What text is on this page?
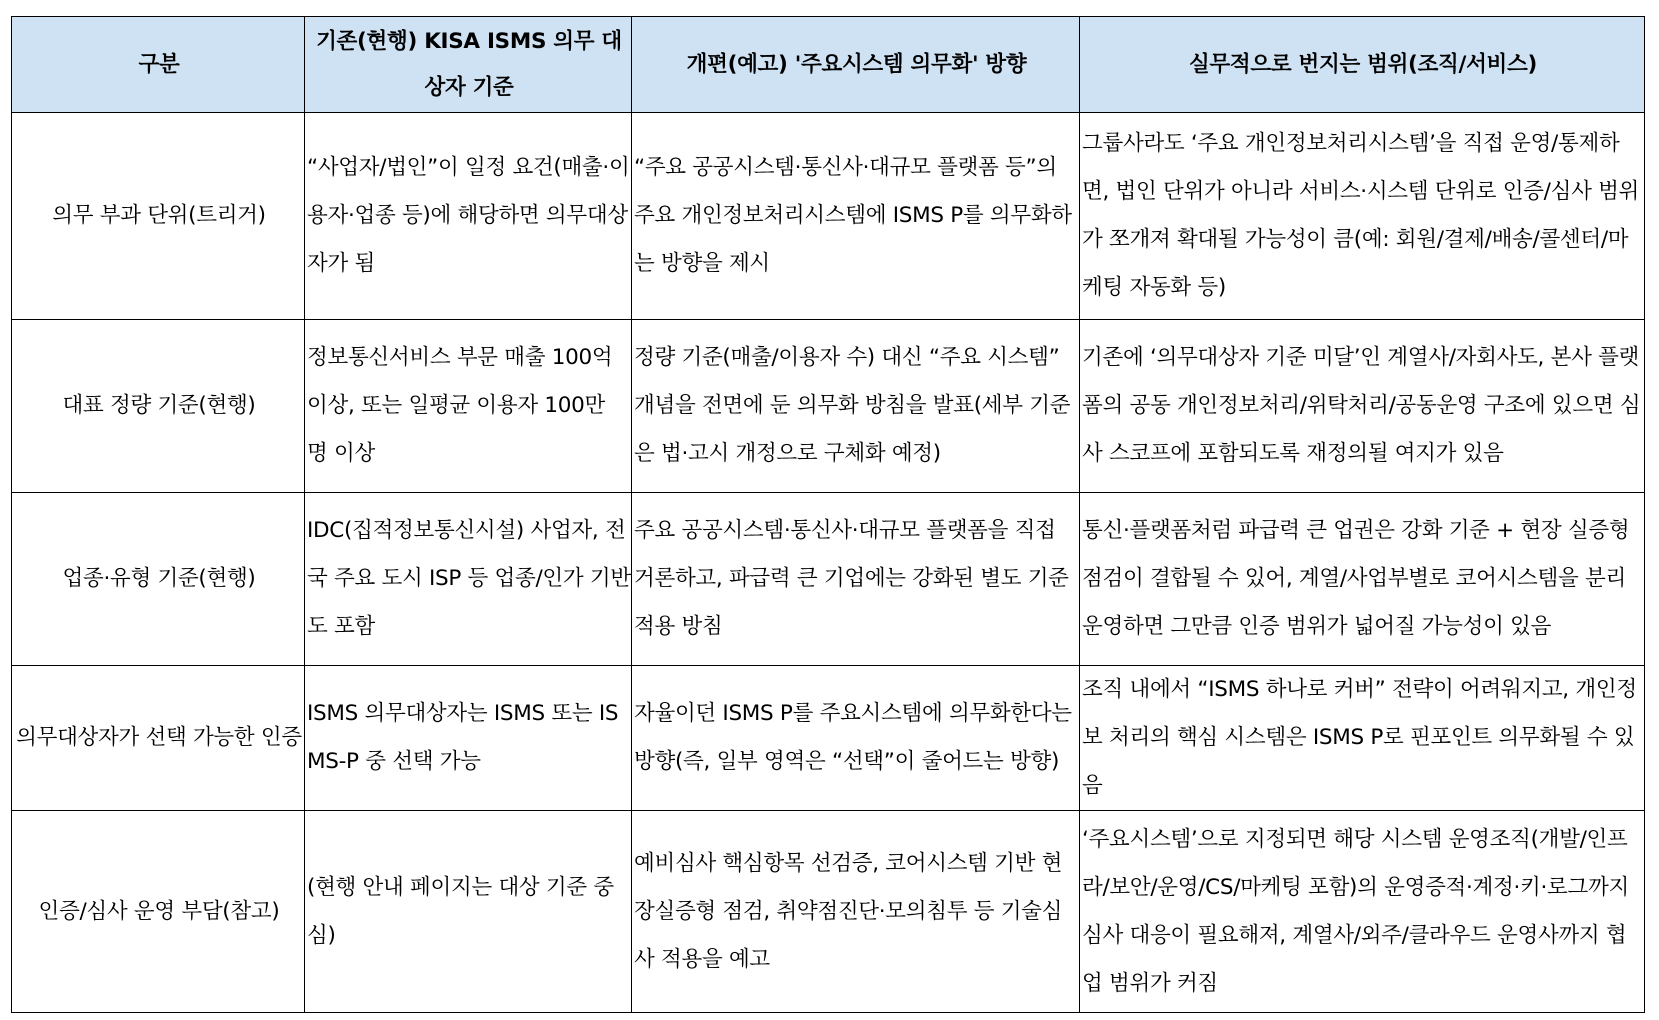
구분	기존(현행) KISA ISMS 의무 대상자 기준	개편(예고) '주요시스템 의무화' 방향	실무적으로 번지는 범위(조직/서비스)
의무 부과 단위(트리거)	“사업자/법인”이 일정 요건(매출·이용자·업종 등)에 해당하면 의무대상자가 됨	“주요 공공시스템·통신사·대규모 플랫폼 등”의 주요 개인정보처리시스템에 ISMS P를 의무화하는 방향을 제시	그룹사라도 ‘주요 개인정보처리시스템’을 직접 운영/통제하면, 법인 단위가 아니라 서비스·시스템 단위로 인증/심사 범위가 쪼개져 확대될 가능성이 큼(예: 회원/결제/배송/콜센터/마케팅 자동화 등)
대표 정량 기준(현행)	정보통신서비스 부문 매출 100억 이상, 또는 일평균 이용자 100만 명 이상	정량 기준(매출/이용자 수) 대신 “주요 시스템” 개념을 전면에 둔 의무화 방침을 발표(세부 기준은 법·고시 개정으로 구체화 예정)	기존에 ‘의무대상자 기준 미달’인 계열사/자회사도, 본사 플랫폼의 공동 개인정보처리/위탁처리/공동운영 구조에 있으면 심사 스코프에 포함되도록 재정의될 여지가 있음
업종·유형 기준(현행)	IDC(집적정보통신시설) 사업자, 전국 주요 도시 ISP 등 업종/인가 기반도 포함	주요 공공시스템·통신사·대규모 플랫폼을 직접 거론하고, 파급력 큰 기업에는 강화된 별도 기준 적용 방침	통신·플랫폼처럼 파급력 큰 업권은 강화 기준 + 현장 실증형 점검이 결합될 수 있어, 계열/사업부별로 코어시스템을 분리 운영하면 그만큼 인증 범위가 넓어질 가능성이 있음
의무대상자가 선택 가능한 인증	ISMS 의무대상자는 ISMS 또는 ISMS-P 중 선택 가능	자율이던 ISMS P를 주요시스템에 의무화한다는 방향(즉, 일부 영역은 “선택”이 줄어드는 방향)	조직 내에서 “ISMS 하나로 커버” 전략이 어려워지고, 개인정보 처리의 핵심 시스템은 ISMS P로 핀포인트 의무화될 수 있음
인증/심사 운영 부담(참고)	(현행 안내 페이지는 대상 기준 중심)	예비심사 핵심항목 선검증, 코어시스템 기반 현장실증형 점검, 취약점진단·모의침투 등 기술심사 적용을 예고	‘주요시스템’으로 지정되면 해당 시스템 운영조직(개발/인프라/보안/운영/CS/마케팅 포함)의 운영증적·계정·키·로그까지 심사 대응이 필요해져, 계열사/외주/클라우드 운영사까지 협업 범위가 커짐
